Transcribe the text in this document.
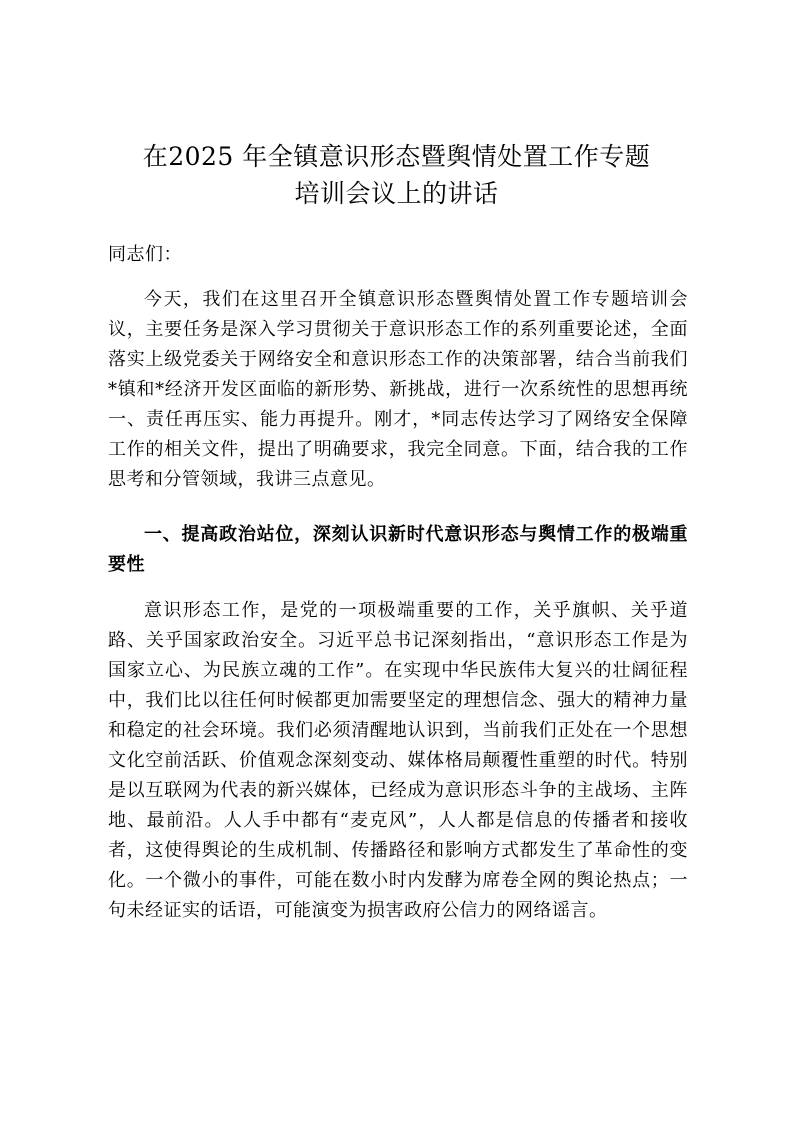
在2025 年全镇意识形态暨舆情处置工作专题
培训会议上的讲话

同志们：

今天，我们在这里召开全镇意识形态暨舆情处置工作专题培训会议，主要任务是深入学习贯彻关于意识形态工作的系列重要论述，全面落实上级党委关于网络安全和意识形态工作的决策部署，结合当前我们*镇和*经济开发区面临的新形势、新挑战，进行一次系统性的思想再统一、责任再压实、能力再提升。刚才，*同志传达学习了网络安全保障工作的相关文件，提出了明确要求，我完全同意。下面，结合我的工作思考和分管领域，我讲三点意见。

一、提高政治站位，深刻认识新时代意识形态与舆情工作的极端重要性

意识形态工作，是党的一项极端重要的工作，关乎旗帜、关乎道路、关乎国家政治安全。习近平总书记深刻指出，“意识形态工作是为国家立心、为民族立魂的工作”。在实现中华民族伟大复兴的壮阔征程中，我们比以往任何时候都更加需要坚定的理想信念、强大的精神力量和稳定的社会环境。我们必须清醒地认识到，当前我们正处在一个思想文化空前活跃、价值观念深刻变动、媒体格局颠覆性重塑的时代。特别是以互联网为代表的新兴媒体，已经成为意识形态斗争的主战场、主阵地、最前沿。人人手中都有“麦克风”，人人都是信息的传播者和接收者，这使得舆论的生成机制、传播路径和影响方式都发生了革命性的变化。一个微小的事件，可能在数小时内发酵为席卷全网的舆论热点；一句未经证实的话语，可能演变为损害政府公信力的网络谣言。
